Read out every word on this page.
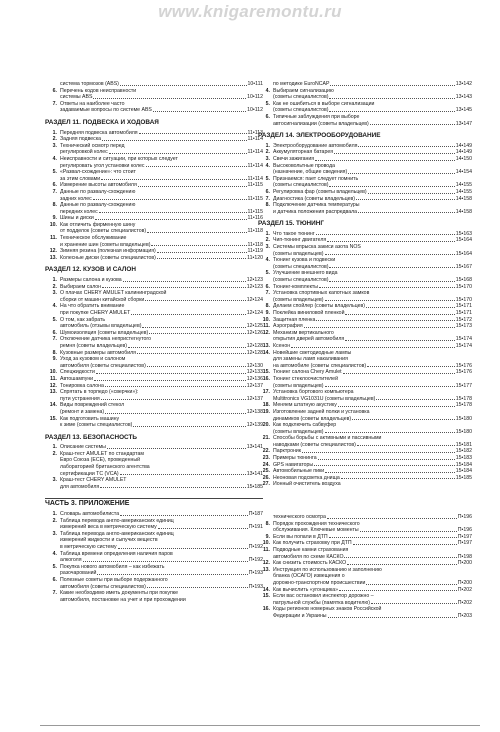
www.knigaremontu.ru
система тормозов (ABS)	10•111
6. Перечень кодов неисправности
системы ABS	10•112
7. Ответы на наиболее часто
задаваемые вопросы по системе ABS	10•112
РАЗДЕЛ 11. ПОДВЕСКА И ХОДОВАЯ
1. Передняя подвеска автомобиля	11•113
2. Задняя подвеска	11•114
3. Технический осмотр перед
регулировкой колес	11•114
4. Неисправности и ситуации, при которых следует
регулировать угол установки колес	11•114
5. «Развал-схождение»: что стоит
за этим словами	11•114
6. Измерение высоты автомобиля	11•115
7. Данные по развалу-схождению
задних колес	11•115
8. Данные по развалу-схождению
передних колес	11•115
9. Шины и диски	11•116
10. Как отличить фирменную шину
от подделок (советы специалистов)	11•118
11. Техническое обслуживание
и хранение шин (советы владельцев)	11•118
12. Зимняя резина (полезная информация)	11•119
13. Колесные диски (советы специалистов)	11•120
РАЗДЕЛ 12. КУЗОВ И САЛОН
1. Размеры салона и кузова	12•123
2. Выбираем салон	12•123
3. О плачах CHERY AMULET калининградской
сборки от машин китайской сборки	12•124
4. На что обратить внимание
при покупке CHERY AMULET	12•124
5. О том, как забрать
автомобиль (отзывы владельцев)	12•125
6. Шумоизоляция (советы владельцев)	12•126
7. Отключение датчика непристегнутого
ремня (советы владельцев)	12•128
8. Кузовные размеры автомобиля	12•128
9. Уход за кузовом и салоном
автомобиля (советы специалистов)	12•130
10. Спецжидкости	12•133
11. Автошампуни	12•136
12. Тонировка салона	12•137
13. Спрятать в торпедо («сверчки»):
пути устранения	12•137
14. Виды повреждений стекол
(ремонт и замена)	12•138
15. Как подготовить машину
к зиме (советы специалистов)	12•139
РАЗДЕЛ 13. БЕЗОПАСНОСТЬ
1. Описание системы	13•141
2. Краш-тест AMULET по стандартам
Евро Союза (ECE), проведенный
лабораторией британского агентства
сертификации ТС (VCA)	13•141
3. Краш-тест CHERY AMULET
для автомобиля	15•185
ЧАСТЬ 3. ПРИЛОЖЕНИЕ
1. Словарь автомобилиста	П•187
2. Таблица перевода англо-американских единиц
измерений веса в метрическую систему	П•191
3. Таблица перевода англо-американских единиц
измерений жидкости и сыпучих веществ
в метрическую систему	П•192
4. Таблица времени определения наличия паров
алкоголя	П•192
5. Покупка нового автомобиля – как избежать
разочарований	П•193
6. Полезные советы при выборе подержанного
автомобиля (советы специалистов)	П•193
7. Какие необходимо иметь документы при покупке
автомобиля, постановке на учет и при прохождении
по методике EuroNCAP	13•142
4. Выбираем сигнализацию
(советы специалистов)	13•143
5. Как не ошибиться в выборе сигнализации
(советы специалистов)	13•145
6. Типичные заблуждения при выборе
автосигнализации (советы владельцев)	13•147
РАЗДЕЛ 14. ЭЛЕКТРООБОРУДОВАНИЕ
1. Электрооборудование автомобиля	14•149
2. Аккумуляторная батарея	14•149
3. Свечи зажигания	14•150
4. Высоковольтные провода
(назначение, общие сведения)	14•154
5. Признаемся: пает следует помнить
(советы специалистов)	14•155
6. Регулировка фар (советы владельцев)	14•155
7. Диагностика (советы владельцев)	14•158
8. Подключение датчика температуры
и датчика положения распредвала	14•158
РАЗДЕЛ 15. ТЮНИНГ
1. Что такое тюнинг	15•163
2. Чип-тюнинг двигателя	15•164
3. Системы впрыска закиси азота NOS
(советы владельцев)	15•164
4. Тюнинг кузова и подвески
(советы специалистов)	15•167
5. Улучшение внешнего вида
(советы специалистов)	15•168
6. Тюнинг-комплекты	15•170
7. Установка спортивных капотных замков
(советы владельцев)	15•170
8. Делаем спойлер (советы владельцев)	15•171
9. Поклейка виниловой пленкой	15•171
10. Защитная пленка	15•172
11. Аэрография	15•173
12. Механизм вертикального
открытия дверей автомобиля	15•174
13. Ксенон	15•174
14. Новейшие светодиодные лампы
для замены ламп накаливания
на автомобиле (советы специалистов)	15•176
15. Тюнинг салона Chery Amulet	15•176
16. Тюнинг стеклоочистителей
(советы владельцев)	15•177
17. Установка бортового компьютера
Multitronics VG1031U (советы владельцев)	15•178
18. Меняем штатную акустику	15•178
19. Изготовление задней полки и установка
динамиков (советы владельцев)	15•180
20. Как подключить сабвуфер
(советы владельцев)	15•180
21. Способы борьбы с активными и пассивными
наводками (советы специалистов)	15•181
22. Парктроник	15•182
23. Примеры тюнинга	15•183
24. GPS навигаторы	15•184
25. Автомобильные пики	15•184
26. Неоновая подсветка днища	15•185
27. Ионный очиститель воздуха
технического осмотра	П•196
8. Порядок прохождения технического
обслуживания. Ключевые моменты	П•196
9. Если вы попали в ДТП	П•197
10. Как получить страховку при ДТП	П•197
11. Подводные камни страхования
автомобиля по схеме КАСКО	П•198
12. Как снизить стоимость КАСКО	П•200
13. Инструкция по использованию и заполнению
бланка (ОСАГО) извещения о
дорожно-транспортном происшествии	П•200
14. Как вычислить «угонщика»	П•202
15. Если вас остановил инспектор дорожно –
патрульной службы (памятка водителю)	П•202
16. Коды регионов номерных знаков Российской
Федерации и Украины	П•203
